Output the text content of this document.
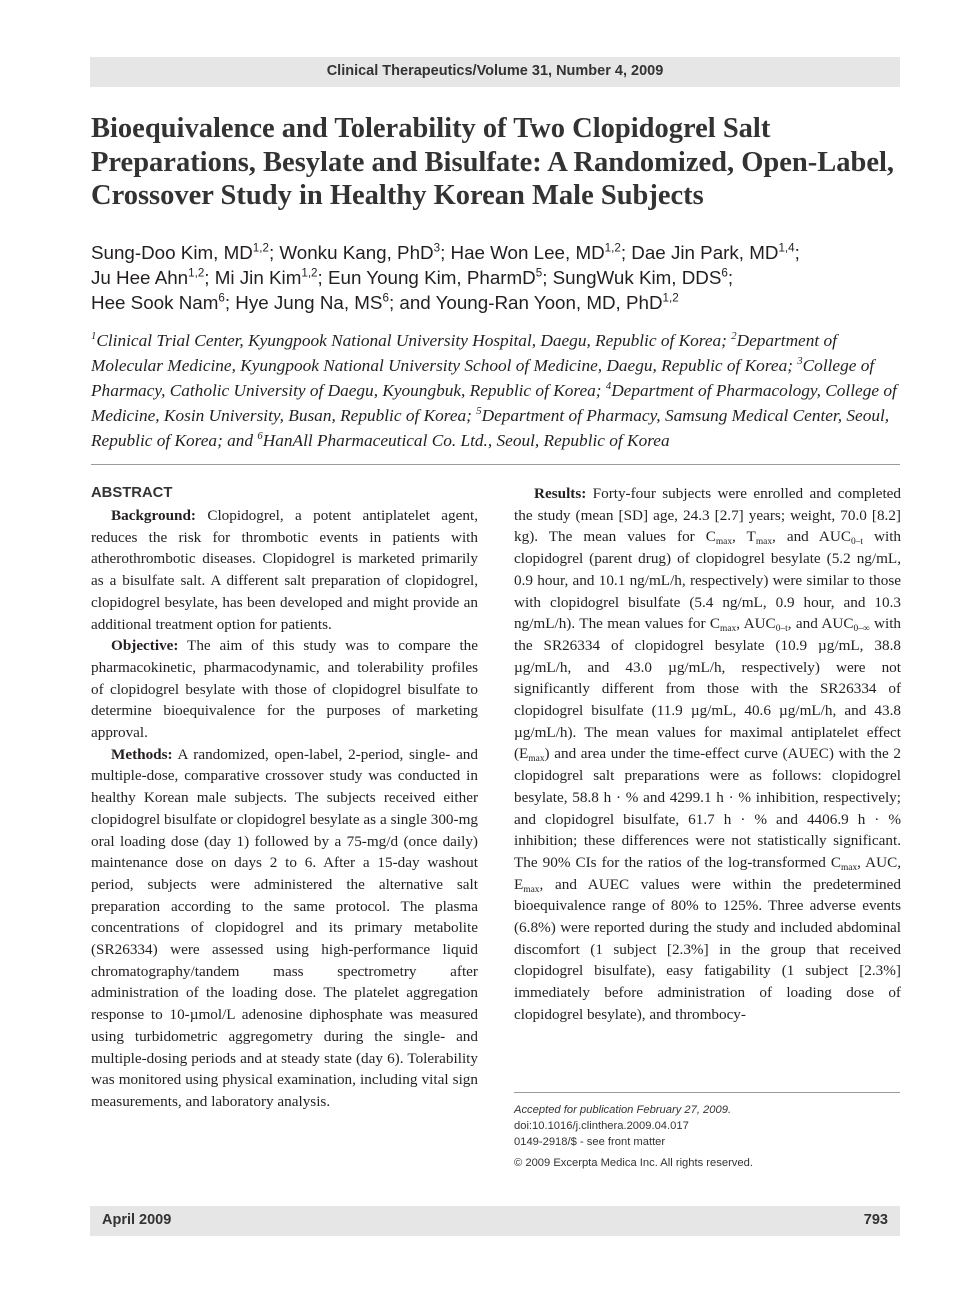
Clinical Therapeutics/Volume 31, Number 4, 2009
Bioequivalence and Tolerability of Two Clopidogrel Salt Preparations, Besylate and Bisulfate: A Randomized, Open-Label, Crossover Study in Healthy Korean Male Subjects
Sung-Doo Kim, MD$^{1,2}$; Wonku Kang, PhD$^3$; Hae Won Lee, MD$^{1,2}$; Dae Jin Park, MD$^{1,4}$;
Ju Hee Ahn$^{1,2}$; Mi Jin Kim$^{1,2}$; Eun Young Kim, PharmD$^5$; SungWuk Kim, DDS$^6$;
Hee Sook Nam$^6$; Hye Jung Na, $MS^6$; and Young-Ran Yoon, MD, PhD$^{1,2}$
$^1$Clinical Trial Center, Kyungpook National University Hospital, Daegu, Republic of Korea; $^2$Department of Molecular Medicine, Kyungpook National University School of Medicine, Daegu, Republic of Korea; $^3$College of Pharmacy, Catholic University of Daegu, Kyoungbuk, Republic of Korea; $^4$Department of Pharmacology, College of Medicine, Kosin University, Busan, Republic of Korea; $^5$Department of Pharmacy, Samsung Medical Center, Seoul, Republic of Korea; and $^6$HanAll Pharmaceutical Co. Ltd., Seoul, Republic of Korea
ABSTRACT

Background: Clopidogrel, a potent antiplatelet agent, reduces the risk for thrombotic events in patients with atherothrombotic diseases. Clopidogrel is marketed primarily as a bisulfate salt. A different salt preparation of clopidogrel, clopidogrel besylate, has been developed and might provide an additional treatment option for patients.

Objective: The aim of this study was to compare the pharmacokinetic, pharmacodynamic, and tolerability profiles of clopidogrel besylate with those of clopidogrel bisulfate to determine bioequivalence for the purposes of marketing approval.

Methods: A randomized, open-label, 2-period, single- and multiple-dose, comparative crossover study was conducted in healthy Korean male subjects. The subjects received either clopidogrel bisulfate or clopidogrel besylate as a single 300-mg oral loading dose (day 1) followed by a 75-mg/d (once daily) maintenance dose on days 2 to 6. After a 15-day washout period, subjects were administered the alternative salt preparation according to the same protocol. The plasma concentrations of clopidogrel and its primary metabolite (SR26334) were assessed using high-performance liquid chromatography/tandem mass spectrometry after administration of the loading dose. The platelet aggregation response to 10-µmol/L adenosine diphosphate was measured using turbidometric aggregometry during the single- and multiple-dosing periods and at steady state (day 6). Tolerability was monitored using physical examination, including vital sign measurements, and laboratory analysis.

Results: Forty-four subjects were enrolled and completed the study (mean [SD] age, 24.3 [2.7] years; weight, 70.0 [8.2] kg). The mean values for $C_{max}$, $T_{max}$, and $AUC_{0-t}$ with clopidogrel (parent drug) of clopidogrel besylate (5.2 ng/mL, 0.9 hour, and 10.1 ng/mL/h, respectively) were similar to those with clopidogrel bisulfate (5.4 ng/mL, 0.9 hour, and 10.3 ng/mL/h). The mean values for $C_{max}$, $AUC_{0-t}$, and $AUC_{0-\infty}$ with the SR26334 of clopidogrel besylate (10.9 µg/mL, 38.8 µg/mL/h, and 43.0 µg/mL/h, respectively) were not significantly different from those with the SR26334 of clopidogrel bisulfate (11.9 µg/mL, 40.6 µg/mL/h, and 43.8 µg/mL/h). The mean values for maximal antiplatelet effect $(E_{max})$ and area under the time-effect curve (AUEC) with the 2 clopidogrel salt preparations were as follows: clopidogrel besylate, 58.8 h · % and 4299.1 h · % inhibition, respectively; and clopidogrel bisulfate, 61.7 h · % and 4406.9 h · % inhibition; these differences were not statistically significant. The 90% CIs for the ratios of the log-transformed $C_{max}$, AUC, $E_{max}$, and AUEC values were within the predetermined bioequivalence range of 80% to 125%. Three adverse events (6.8%) were reported during the study and included abdominal discomfort (1 subject [2.3%] in the group that received clopidogrel bisulfate), easy fatigability (1 subject [2.3%] immediately before administration of loading dose of clopidogrel besylate), and thrombocy-

Accepted for publication February 27, 2009.
doi:10.1016/j.clinthera.2009.04.017
0149-2918/$ - see front matter
© 2009 Excerpta Medica Inc. All rights reserved.
April 2009	793
